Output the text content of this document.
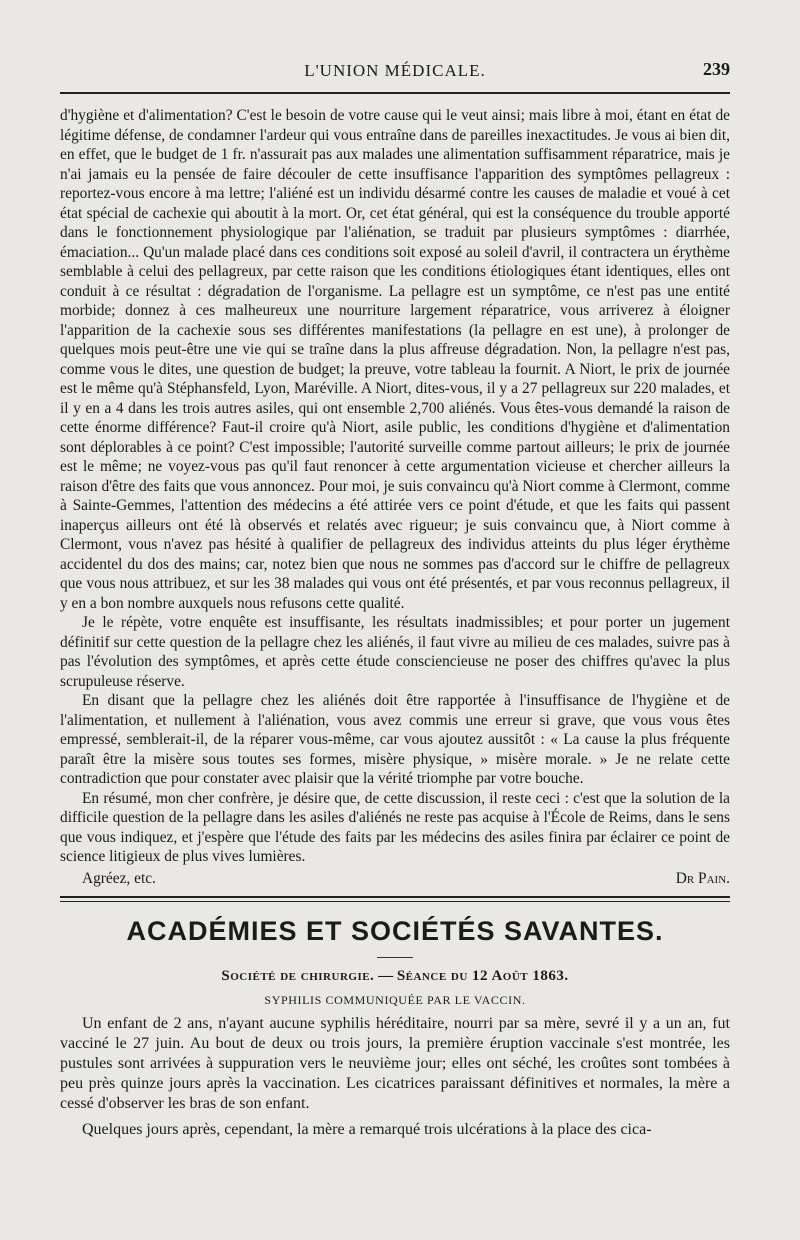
L'UNION MÉDICALE.	239

d'hygiène et d'alimentation? C'est le besoin de votre cause qui le veut ainsi; mais libre à moi, étant en état de légitime défense, de condamner l'ardeur qui vous entraîne dans de pareilles inexactitudes. Je vous ai bien dit, en effet, que le budget de 1 fr. n'assurait pas aux malades une alimentation suffisamment réparatrice, mais je n'ai jamais eu la pensée de faire découler de cette insuffisance l'apparition des symptômes pellagreux : reportez-vous encore à ma lettre; l'aliéné est un individu désarmé contre les causes de maladie et voué à cet état spécial de cachexie qui aboutit à la mort. Or, cet état général, qui est la conséquence du trouble apporté dans le fonctionnement physiologique par l'aliénation, se traduit par plusieurs symptômes : diarrhée, émaciation... Qu'un malade placé dans ces conditions soit exposé au soleil d'avril, il contractera un érythème semblable à celui des pellagreux, par cette raison que les conditions étiologiques étant identiques, elles ont conduit à ce résultat : dégradation de l'organisme. La pellagre est un symptôme, ce n'est pas une entité morbide; donnez à ces malheureux une nourriture largement réparatrice, vous arriverez à éloigner l'apparition de la cachexie sous ses différentes manifestations (la pellagre en est une), à prolonger de quelques mois peut-être une vie qui se traîne dans la plus affreuse dégradation. Non, la pellagre n'est pas, comme vous le dites, une question de budget; la preuve, votre tableau la fournit. A Niort, le prix de journée est le même qu'à Stéphansfeld, Lyon, Maréville. A Niort, dites-vous, il y a 27 pellagreux sur 220 malades, et il y en a 4 dans les trois autres asiles, qui ont ensemble 2,700 aliénés. Vous êtes-vous demandé la raison de cette énorme différence? Faut-il croire qu'à Niort, asile public, les conditions d'hygiène et d'alimentation sont déplorables à ce point? C'est impossible; l'autorité surveille comme partout ailleurs; le prix de journée est le même; ne voyez-vous pas qu'il faut renoncer à cette argumentation vicieuse et chercher ailleurs la raison d'être des faits que vous annoncez. Pour moi, je suis convaincu qu'à Niort comme à Clermont, comme à Sainte-Gemmes, l'attention des médecins a été attirée vers ce point d'étude, et que les faits qui passent inaperçus ailleurs ont été là observés et relatés avec rigueur; je suis convaincu que, à Niort comme à Clermont, vous n'avez pas hésité à qualifier de pellagreux des individus atteints du plus léger érythème accidentel du dos des mains; car, notez bien que nous ne sommes pas d'accord sur le chiffre de pellagreux que vous nous attribuez, et sur les 38 malades qui vous ont été présentés, et par vous reconnus pellagreux, il y en a bon nombre auxquels nous refusons cette qualité.

Je le répète, votre enquête est insuffisante, les résultats inadmissibles; et pour porter un jugement définitif sur cette question de la pellagre chez les aliénés, il faut vivre au milieu de ces malades, suivre pas à pas l'évolution des symptômes, et après cette étude consciencieuse ne poser des chiffres qu'avec la plus scrupuleuse réserve.

En disant que la pellagre chez les aliénés doit être rapportée à l'insuffisance de l'hygiène et de l'alimentation, et nullement à l'aliénation, vous avez commis une erreur si grave, que vous vous êtes empressé, semblerait-il, de la réparer vous-même, car vous ajoutez aussitôt : « La cause la plus fréquente paraît être la misère sous toutes ses formes, misère physique, » misère morale. » Je ne relate cette contradiction que pour constater avec plaisir que la vérité triomphe par votre bouche.

En résumé, mon cher confrère, je désire que, de cette discussion, il reste ceci : c'est que la solution de la difficile question de la pellagre dans les asiles d'aliénés ne reste pas acquise à l'École de Reims, dans le sens que vous indiquez, et j'espère que l'étude des faits par les médecins des asiles finira par éclairer ce point de science litigieux de plus vives lumières.

Agréez, etc.	Dr Pain.
ACADÉMIES ET SOCIÉTÉS SAVANTES.
Société de chirurgie. — Séance du 12 Août 1863.
SYPHILIS COMMUNIQUÉE PAR LE VACCIN.

Un enfant de 2 ans, n'ayant aucune syphilis héréditaire, nourri par sa mère, sevré il y a un an, fut vacciné le 27 juin. Au bout de deux ou trois jours, la première éruption vaccinale s'est montrée, les pustules sont arrivées à suppuration vers le neuvième jour; elles ont séché, les croûtes sont tombées à peu près quinze jours après la vaccination. Les cicatrices paraissant définitives et normales, la mère a cessé d'observer les bras de son enfant.

Quelques jours après, cependant, la mère a remarqué trois ulcérations à la place des cica-
